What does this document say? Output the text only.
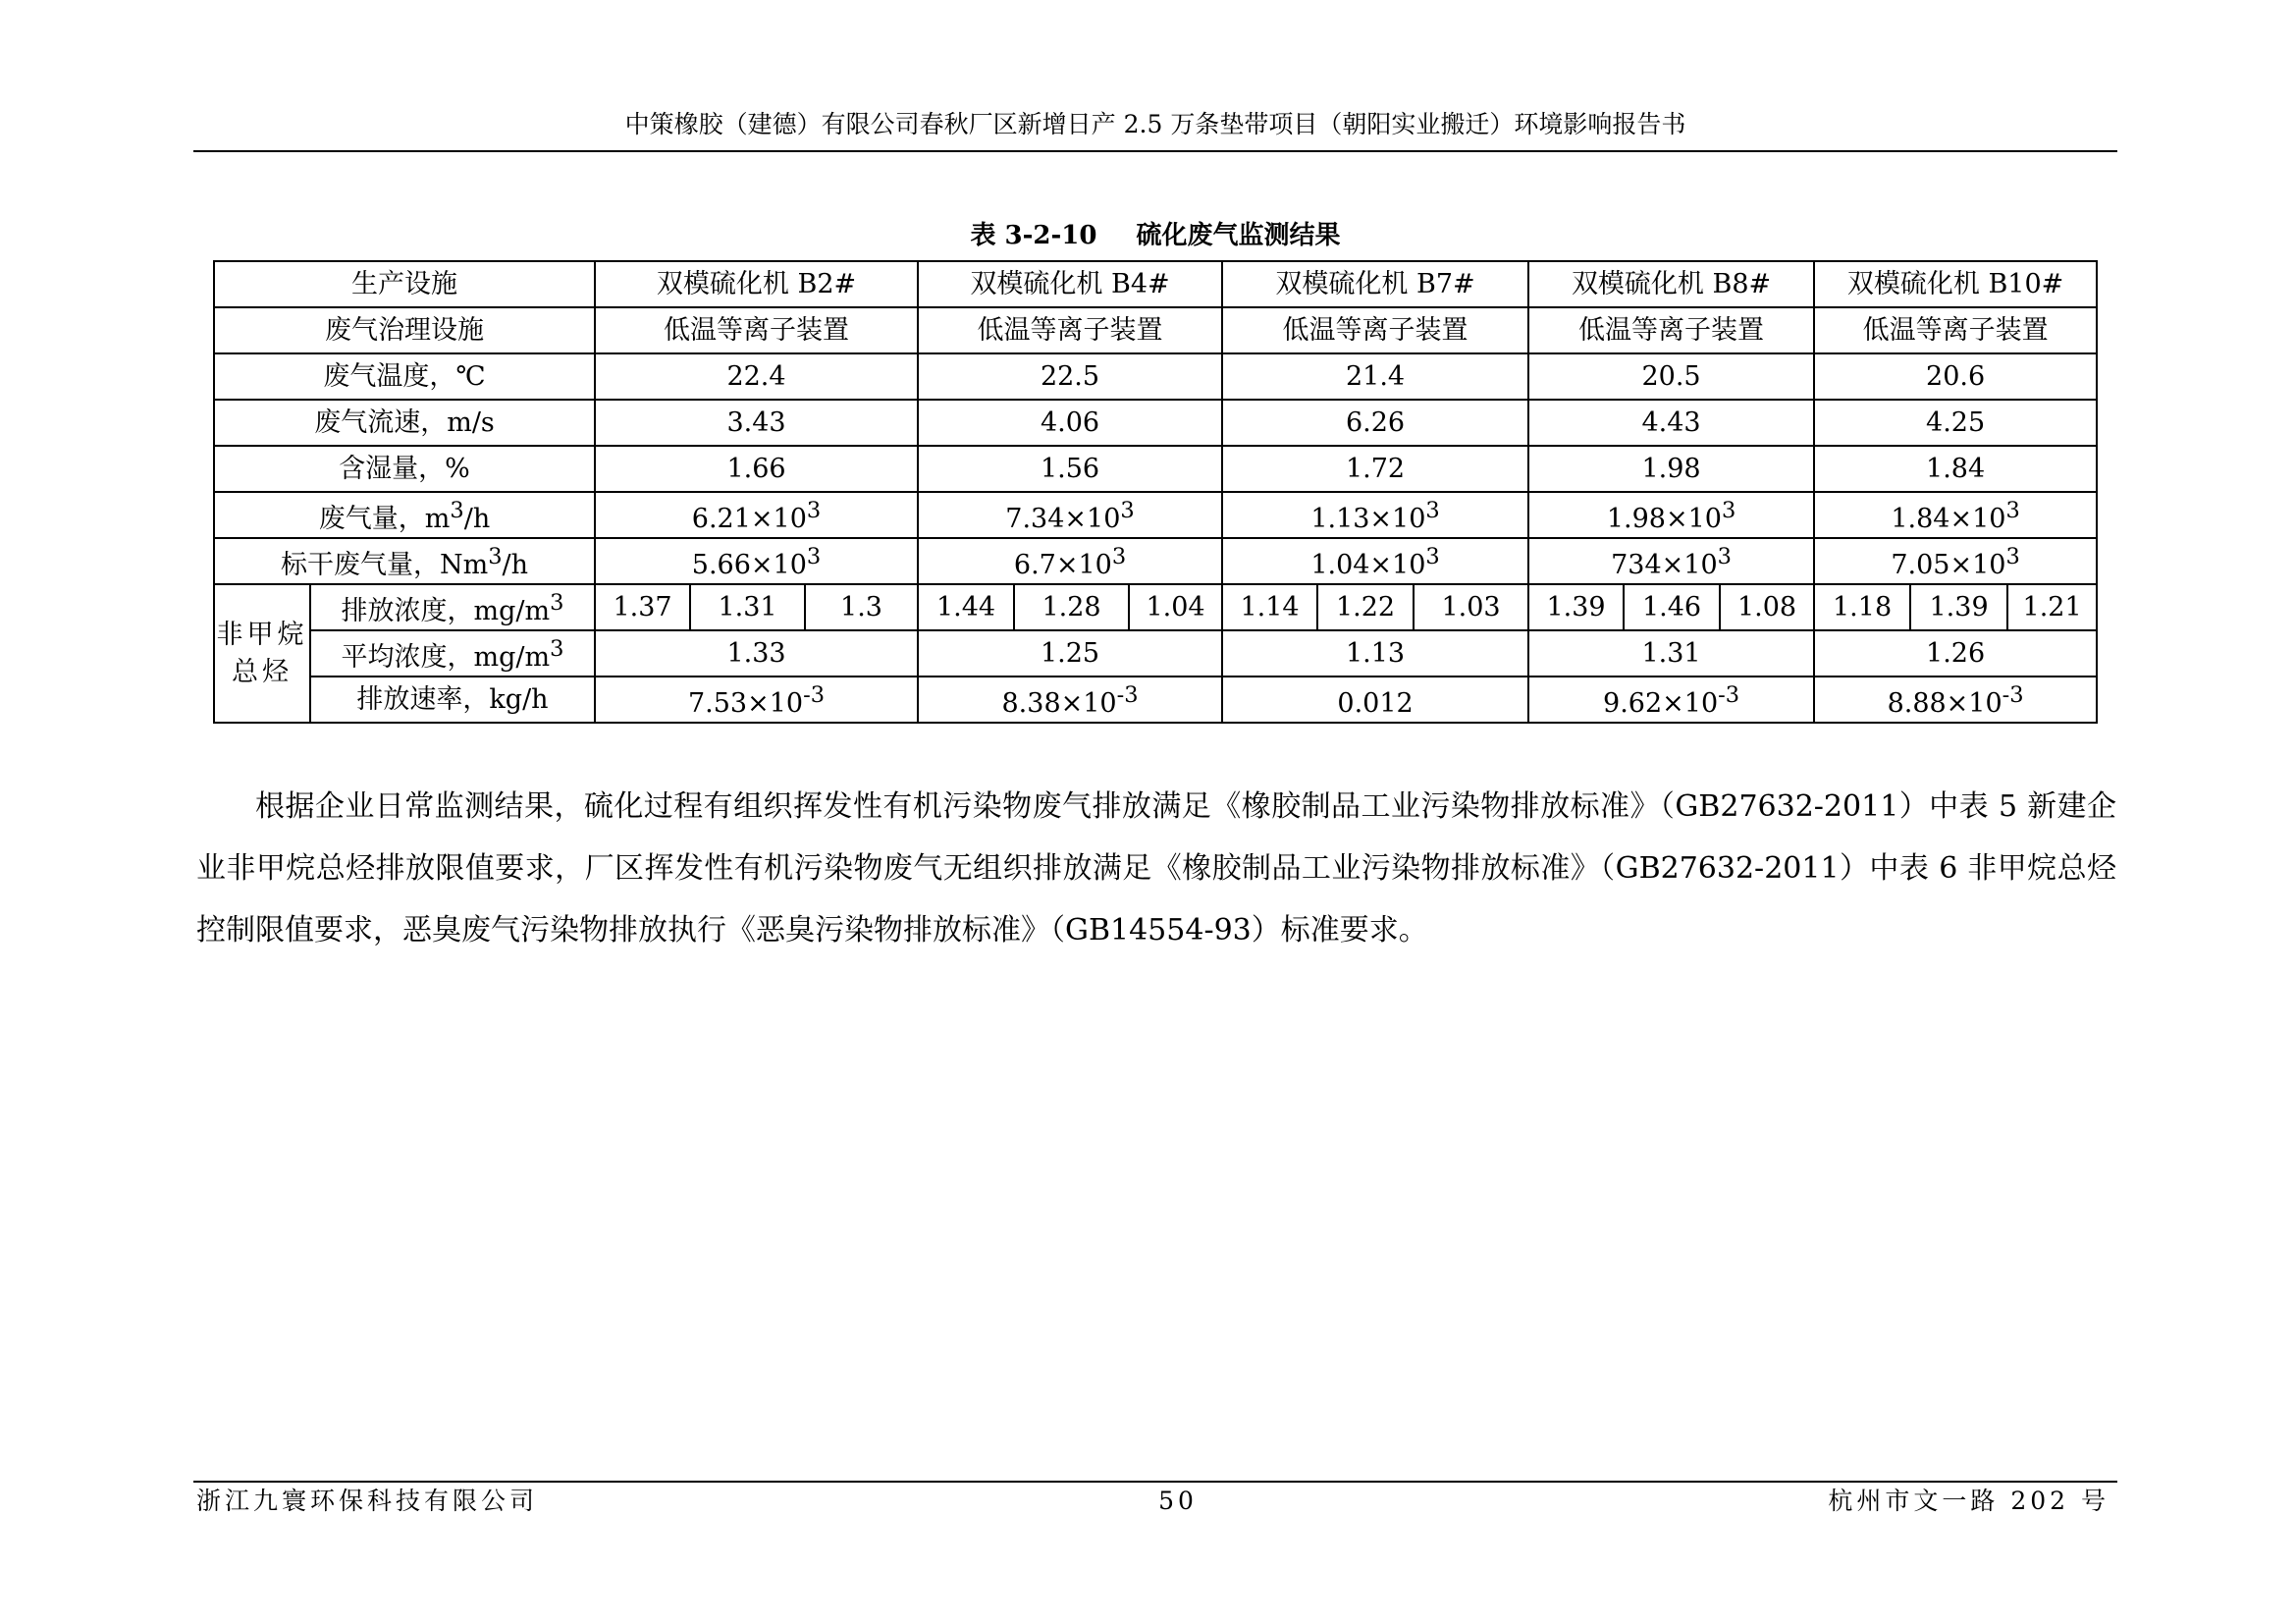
中策橡胶（建德）有限公司春秋厂区新增日产 2.5 万条垫带项目（朝阳实业搬迁）环境影响报告书
表 3-2-10 硫化废气监测结果
生产设施		双模硫化机 B2#			双模硫化机 B4#			双模硫化机 B7#			双模硫化机 B8#			双模硫化机 B10#		
废气治理设施		低温等离子装置			低温等离子装置			低温等离子装置			低温等离子装置			低温等离子装置		
废气温度，℃		22.4			22.5			21.4			20.5			20.6		
废气流速，m/s		3.43			4.06			6.26			4.43			4.25		
含湿量，%		1.66			1.56			1.72			1.98			1.84		
废气量，$m^3/h$		$6.21\times 10^3$			$7.34\times 10^3$			$1.13\times 10^3$			$1.98\times 10^3$			$1.84\times 10^3$
标干废气量，Nm$^3$/h		$5.66\times 10^3$			$6.7\times 10^3$			$1.04\times 10^3$			$734\times 10^3$			$7.05\times 10^3$
非甲烷总烃	排放浓度，$mg/m^3$	1.37	1.31	1.3	1.44	1.28	1.04	1.14	1.22	1.03	1.39	1.46	1.08	1.18	1.39	1.21
	平均浓度，$mg/m^3$	1.33			1.25			1.13			1.31			1.26		
	排放速率，kg/h	$7.53\times 10^{-3}$			$8.38\times 10^{-3}$			0.012			$9.62\times 10^{-3}$			$8.88\times 10^{-3}$

根据企业日常监测结果，硫化过程有组织挥发性有机污染物废气排放满足《橡胶制品工业污染物排放标准》（GB27632-2011）中表 5 新建企业非甲烷总烃排放限值要求，厂区挥发性有机污染物废气无组织排放满足《橡胶制品工业污染物排放标准》（GB27632-2011）中表 6 非甲烷总烃控制限值要求，恶臭废气污染物排放执行《恶臭污染物排放标准》（GB14554-93）标准要求。

浙江九寰环保科技有限公司	50	杭州市文一路 202 号
